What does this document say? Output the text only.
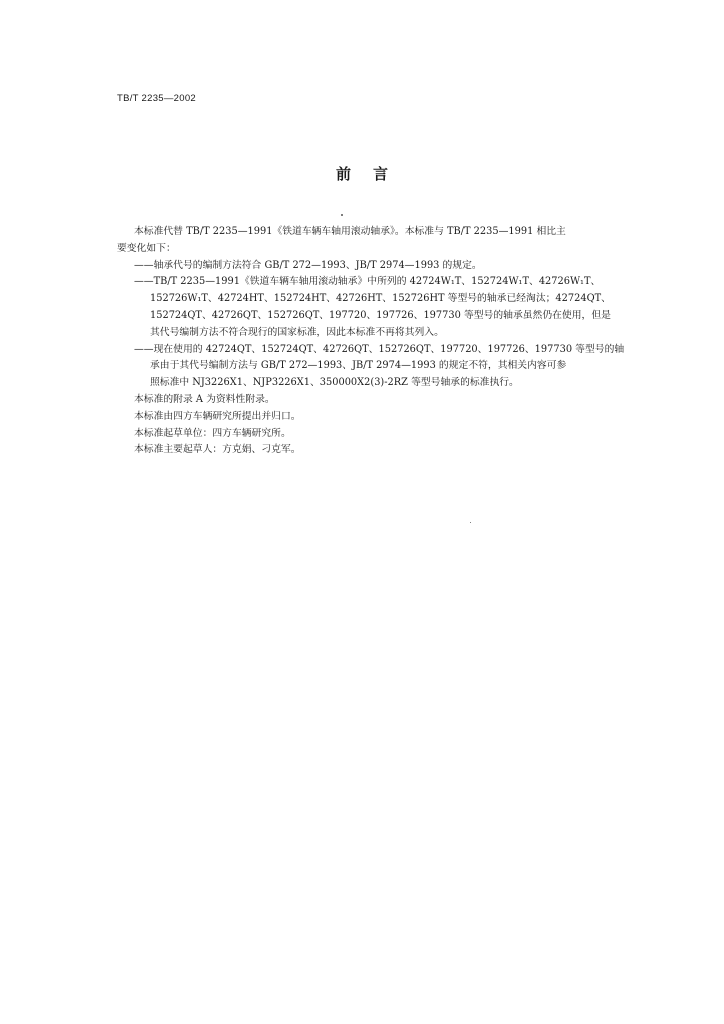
TB/T 2235—2002
前言
本标准代替 TB/T 2235—1991《铁道车辆车轴用滚动轴承》。本标准与 TB/T 2235—1991 相比主
要变化如下：
——轴承代号的编制方法符合 GB/T 272—1993、JB/T 2974—1993 的规定。
——TB/T 2235—1991《铁道车辆车轴用滚动轴承》中所列的 42724W₁T、152724W₁T、42726W₁T、
152726W₁T、42724HT、152724HT、42726HT、152726HT 等型号的轴承已经淘汰；42724QT、
152724QT、42726QT、152726QT、197720、197726、197730 等型号的轴承虽然仍在使用，但是
其代号编制方法不符合现行的国家标准，因此本标准不再将其列入。
——现在使用的 42724QT、152724QT、42726QT、152726QT、197720、197726、197730 等型号的轴
承由于其代号编制方法与 GB/T 272—1993、JB/T 2974—1993 的规定不符，其相关内容可参
照标准中 NJ3226X1、NJP3226X1、350000X2(3)-2RZ 等型号轴承的标准执行。
本标准的附录 A 为资料性附录。
本标准由四方车辆研究所提出并归口。
本标准起草单位：四方车辆研究所。
本标准主要起草人：方克娟、刁克军。
